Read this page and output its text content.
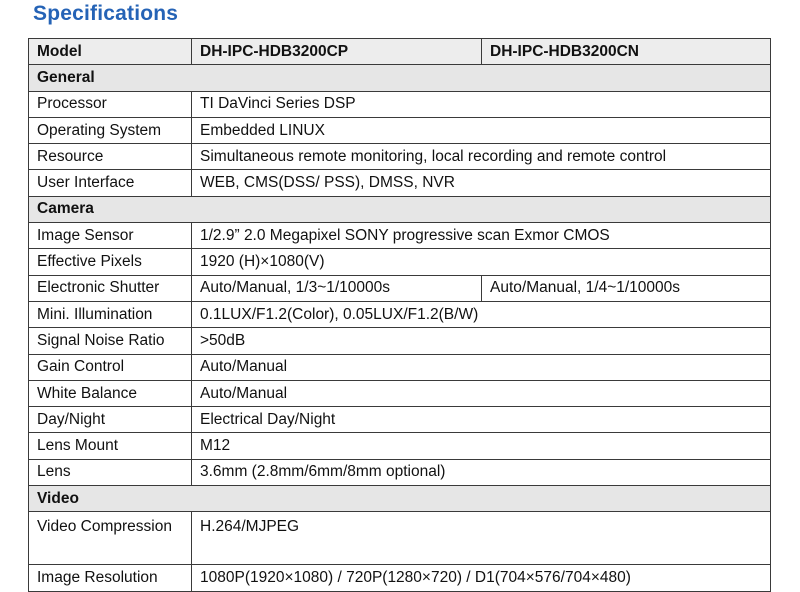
Specifications
Model	DH-IPC-HDB3200CP	DH-IPC-HDB3200CN
General		
Processor	TI DaVinci Series DSP	
Operating System	Embedded LINUX	
Resource	Simultaneous remote monitoring, local recording and remote control	
User Interface	WEB, CMS(DSS/ PSS), DMSS, NVR	
Camera		
Image Sensor	1/2.9” 2.0 Megapixel SONY progressive scan Exmor CMOS	
Effective Pixels	1920 (H)×1080(V)	
Electronic Shutter	Auto/Manual, 1/3~1/10000s	Auto/Manual, 1/4~1/10000s
Mini. Illumination	0.1LUX/F1.2(Color), 0.05LUX/F1.2(B/W)	
Signal Noise Ratio	>50dB	
Gain Control	Auto/Manual	
White Balance	Auto/Manual	
Day/Night	Electrical Day/Night	
Lens Mount	M12	
Lens	3.6mm (2.8mm/6mm/8mm optional)	
Video		
Video Compression	H.264/MJPEG	
Image Resolution	1080P(1920×1080) / 720P(1280×720) / D1(704×576/704×480)	
